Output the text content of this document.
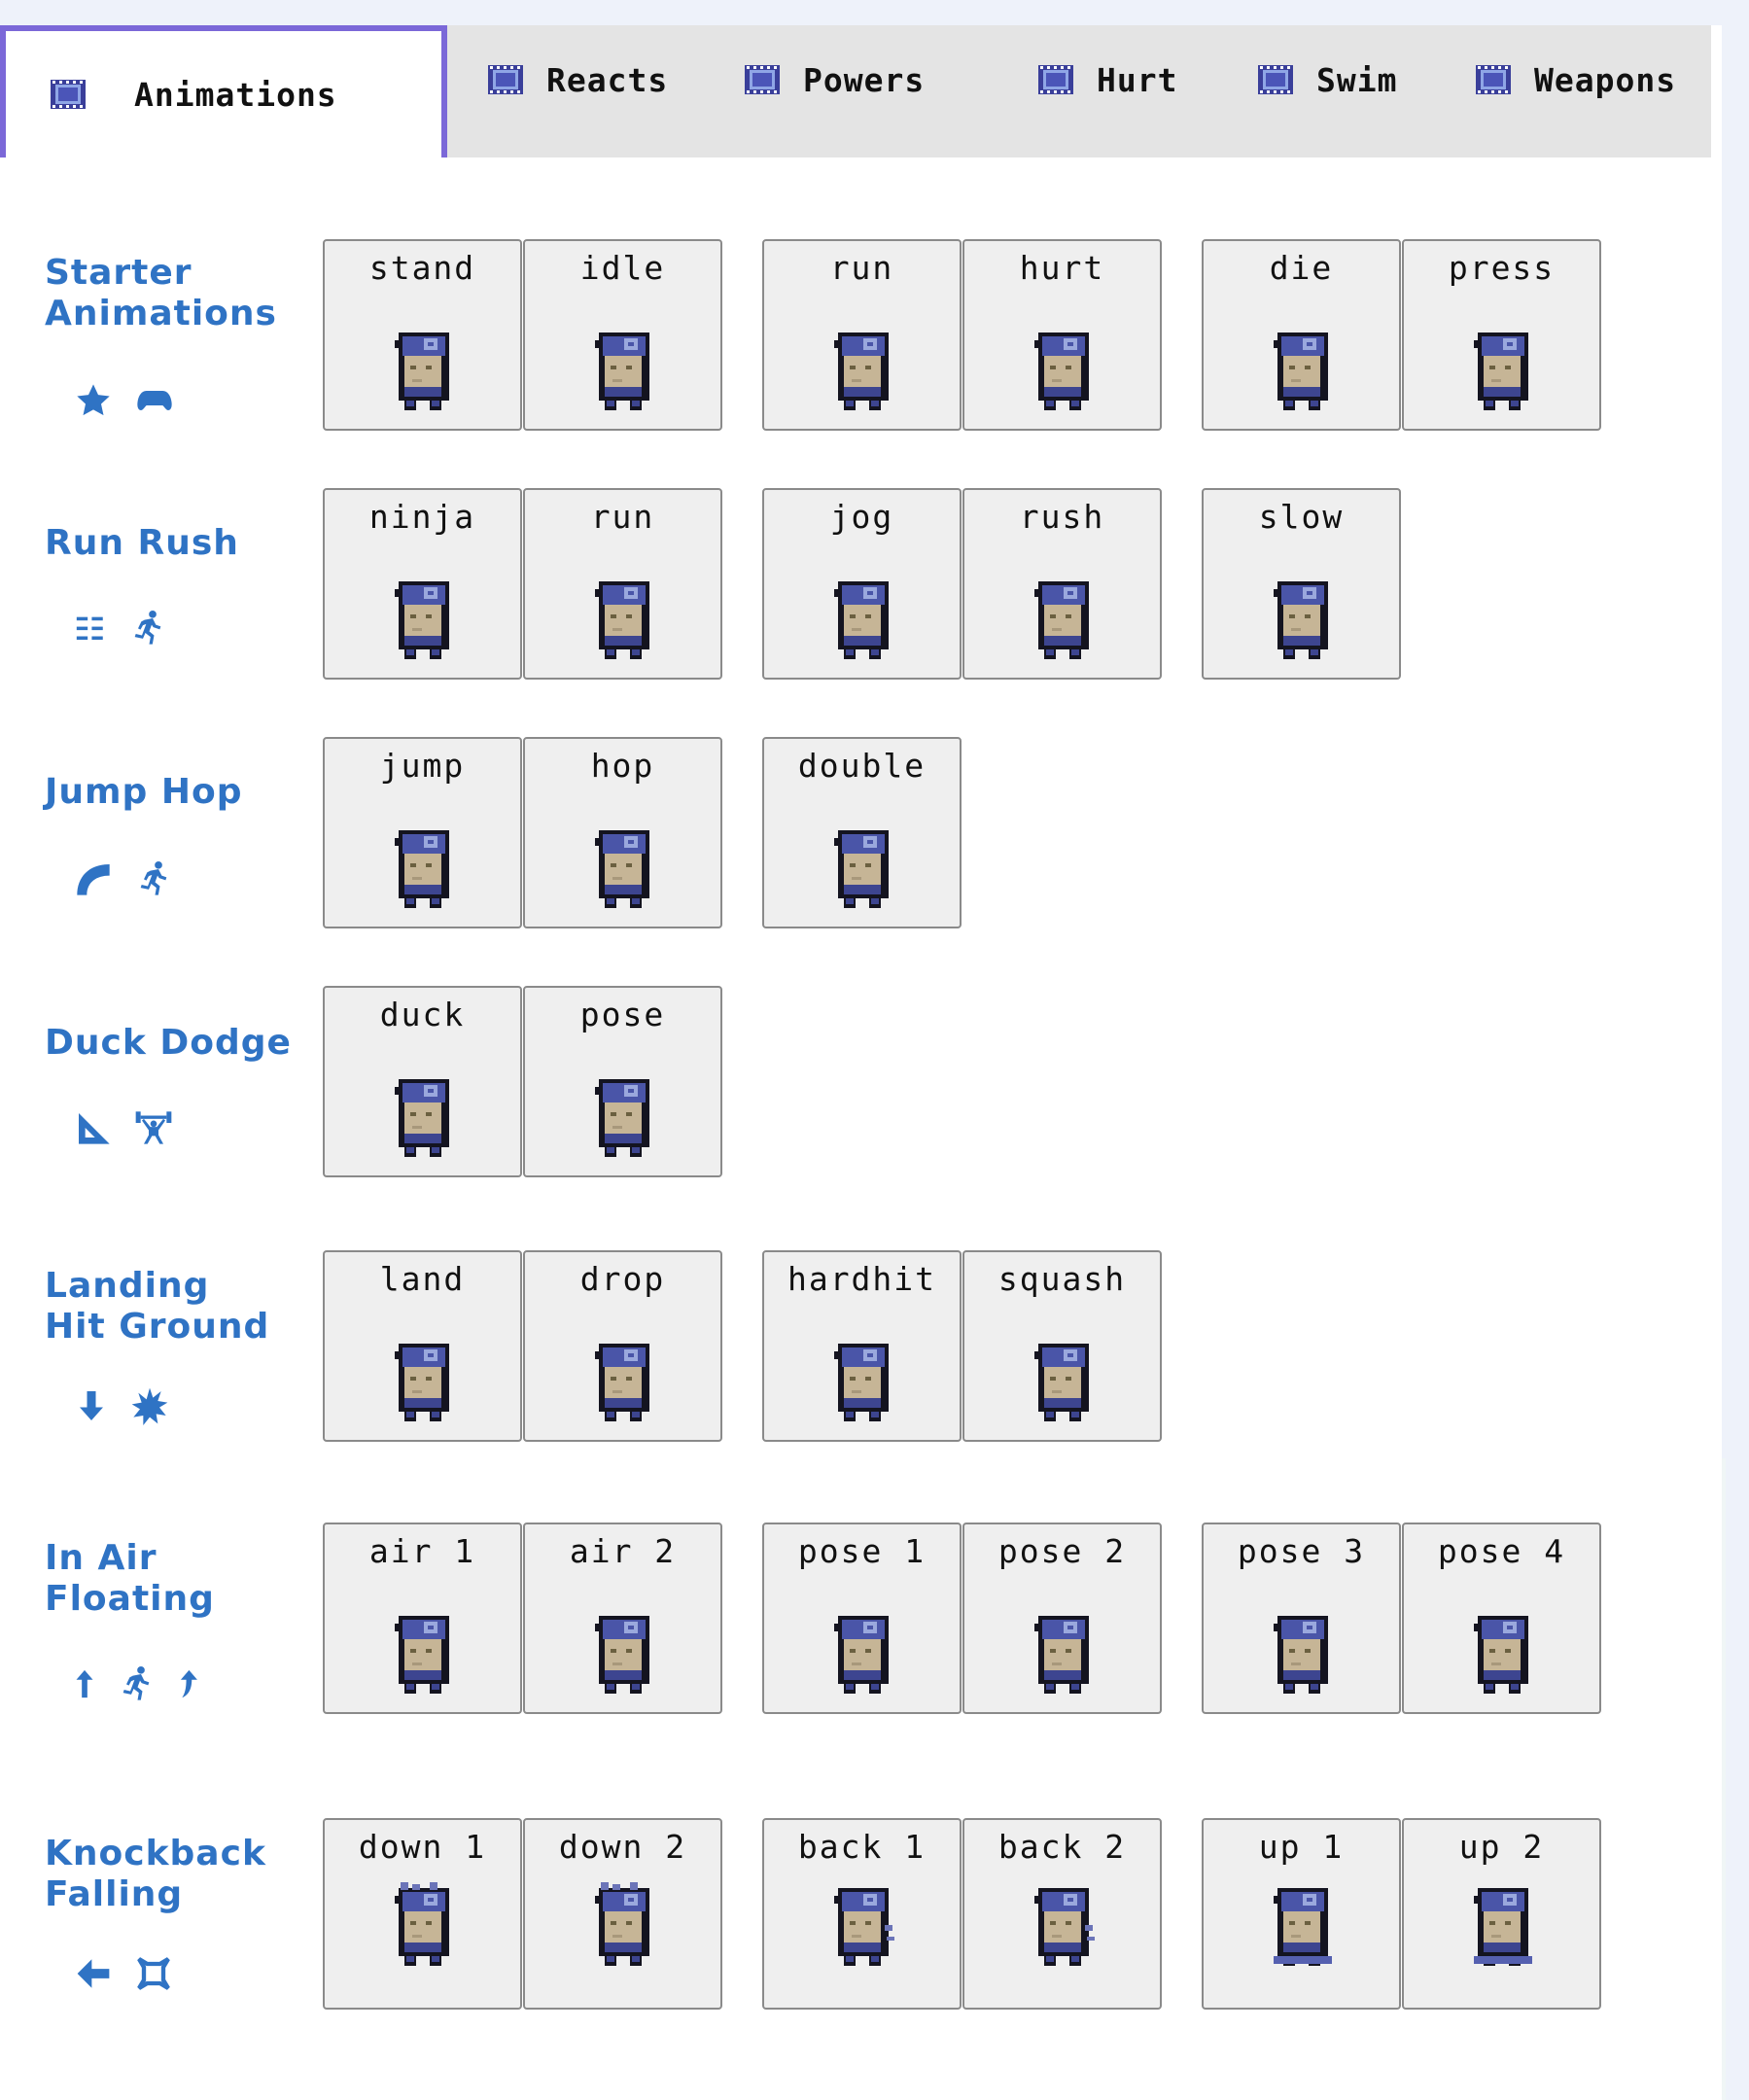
Animations	Reacts	Powers	Hurt	Swim	Weapons
Starter
Animations
stand	idle	run	hurt	die	press
Run Rush
ninja	run	jog	rush	slow
Jump Hop
jump	hop	double
Duck Dodge
duck	pose
Landing
Hit Ground
land	drop	hardhit	squash
In Air
Floating
air 1	air 2	pose 1	pose 2	pose 3	pose 4
Knockback
Falling
down 1	down 2	back 1	back 2	up 1	up 2
